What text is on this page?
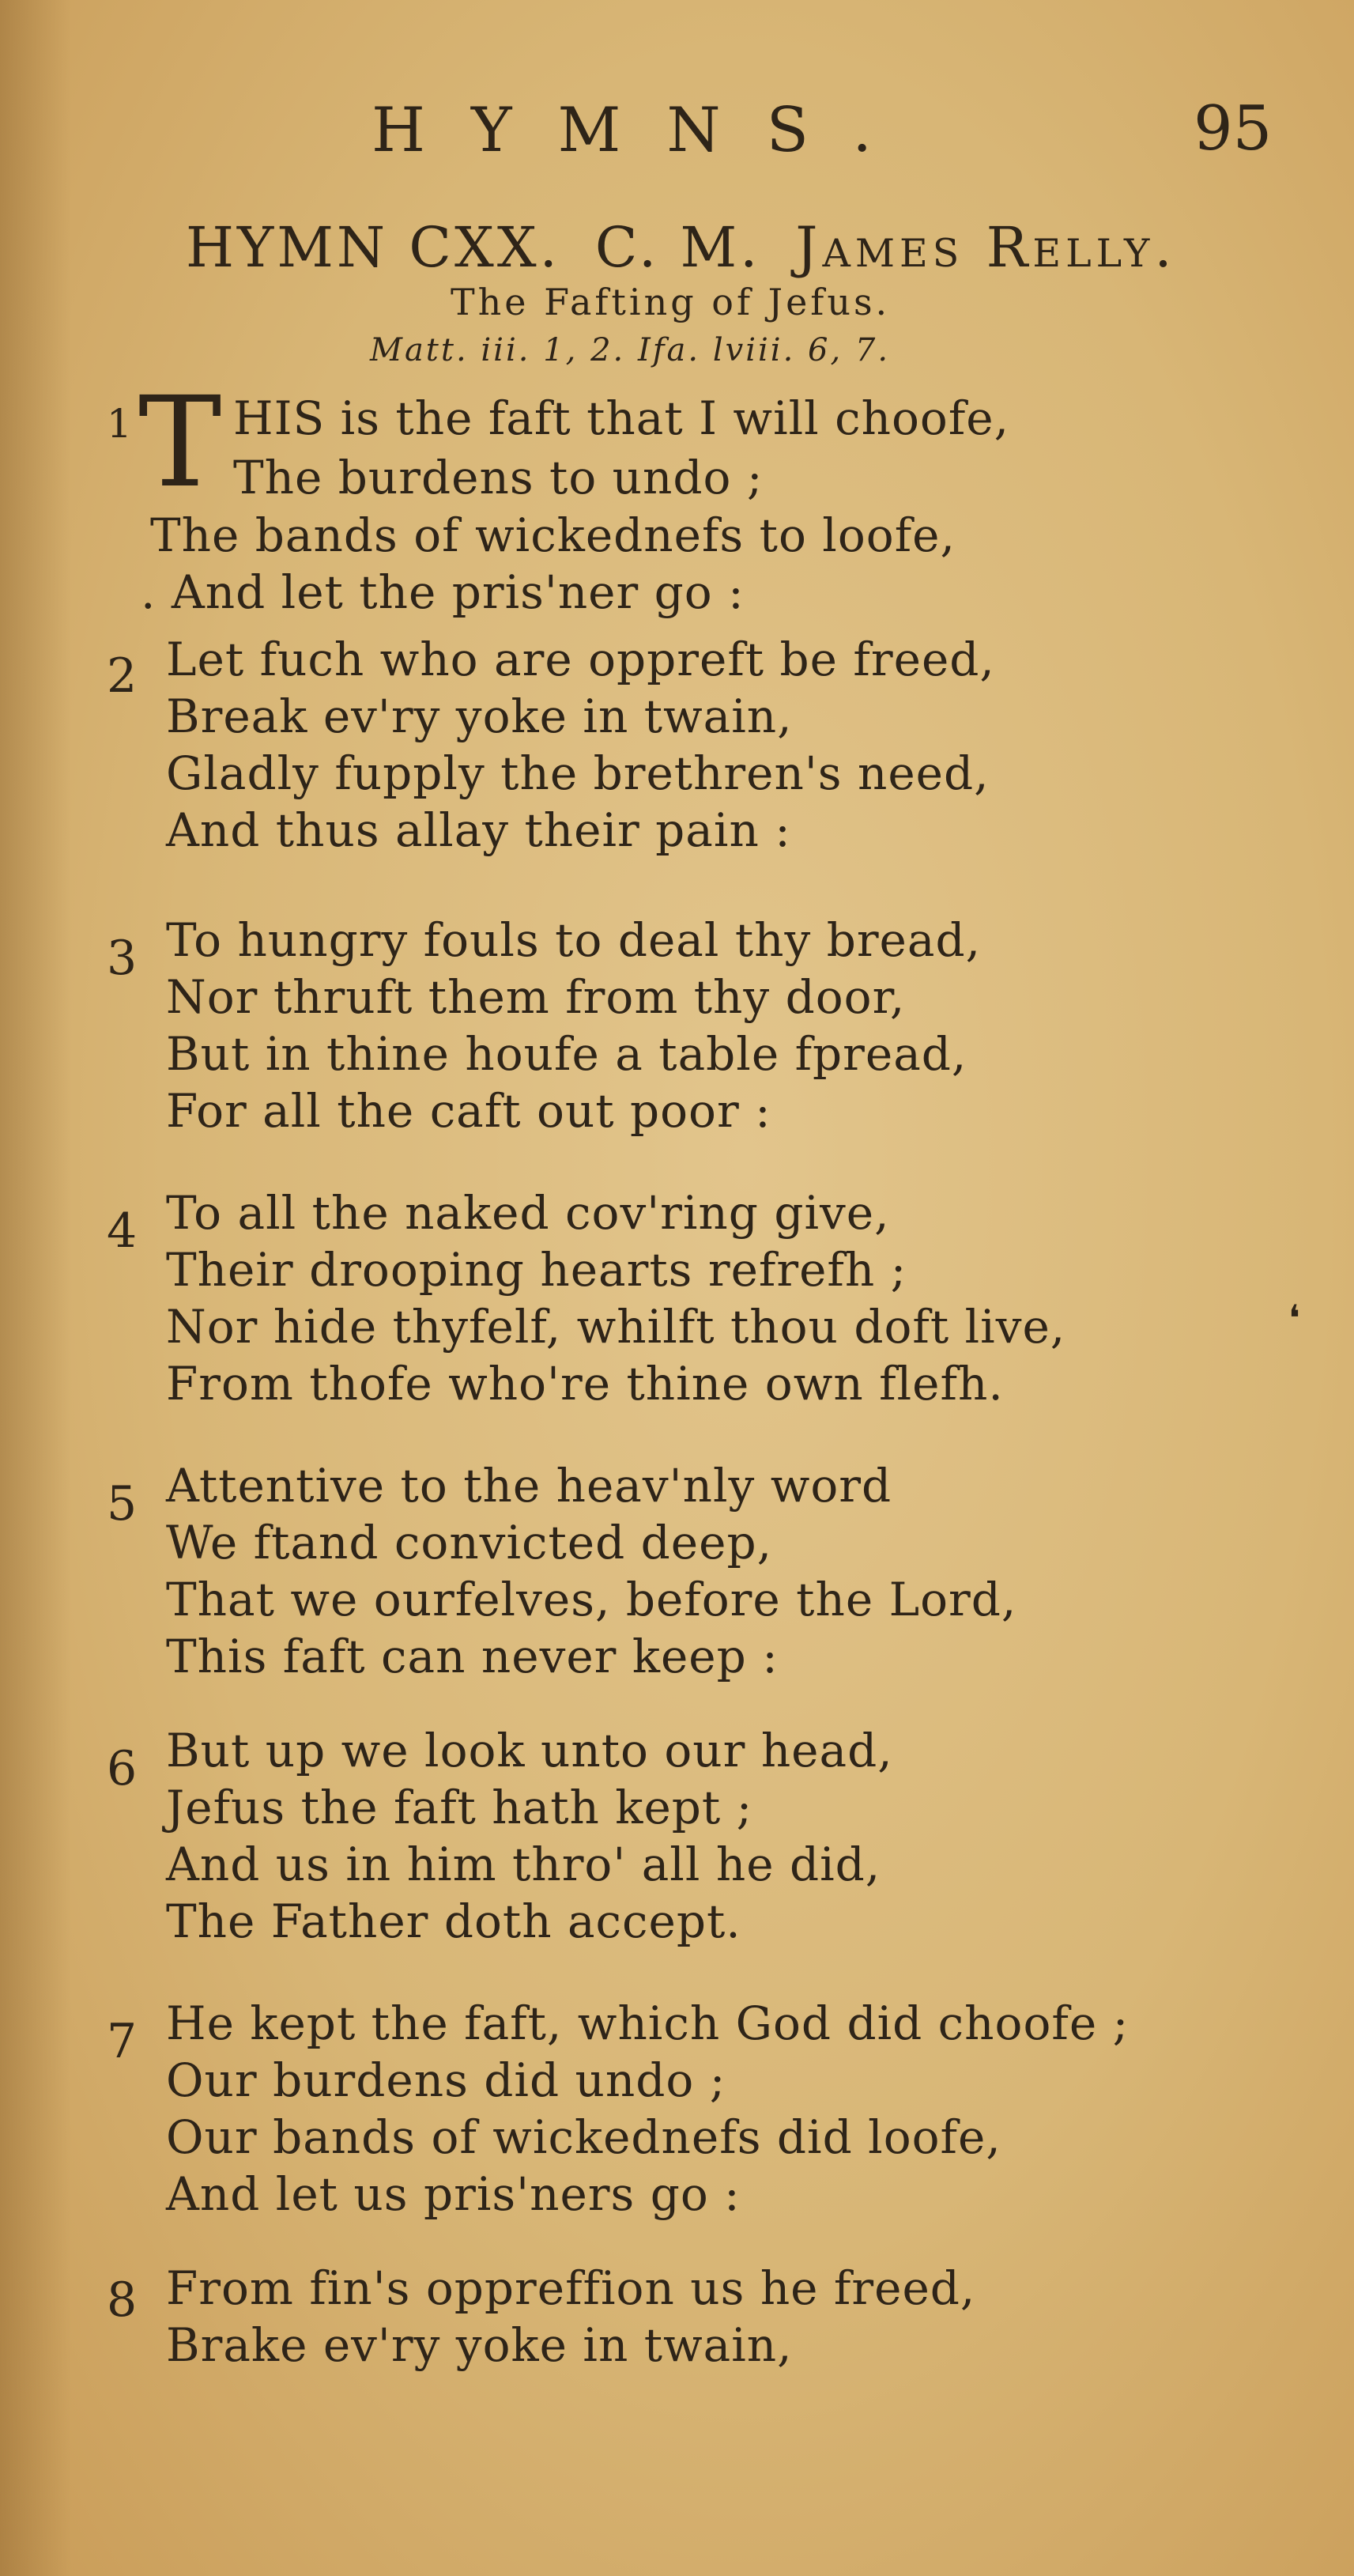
HYMNS.	95
HYMN CXX. C. M. James Relly.
The Fafting of Jefus.
Matt. iii. 1, 2. Ifa. lviii. 6, 7.
1 T HIS is the faft that I will choofe,
The burdens to undo ;
The bands of wickednefs to loofe,
. And let the pris'ner go :
2 Let fuch who are oppreft be freed,
Break ev'ry yoke in twain,
Gladly fupply the brethren's need,
And thus allay their pain :
3 To hungry fouls to deal thy bread,
Nor thruft them from thy door,
But in thine houfe a table fpread,
For all the caft out poor :
4 To all the naked cov'ring give,
Their drooping hearts refrefh ;
Nor hide thyfelf, whilft thou doft live,
From thofe who're thine own flefh.
❛
5 Attentive to the heav'nly word
We ftand convicted deep,
That we ourfelves, before the Lord,
This faft can never keep :
6 But up we look unto our head,
Jefus the faft hath kept ;
And us in him thro' all he did,
The Father doth accept.
7 He kept the faft, which God did choofe ;
Our burdens did undo ;
Our bands of wickednefs did loofe,
And let us pris'ners go :
8 From fin's oppreffion us he freed,
Brake ev'ry yoke in twain,
